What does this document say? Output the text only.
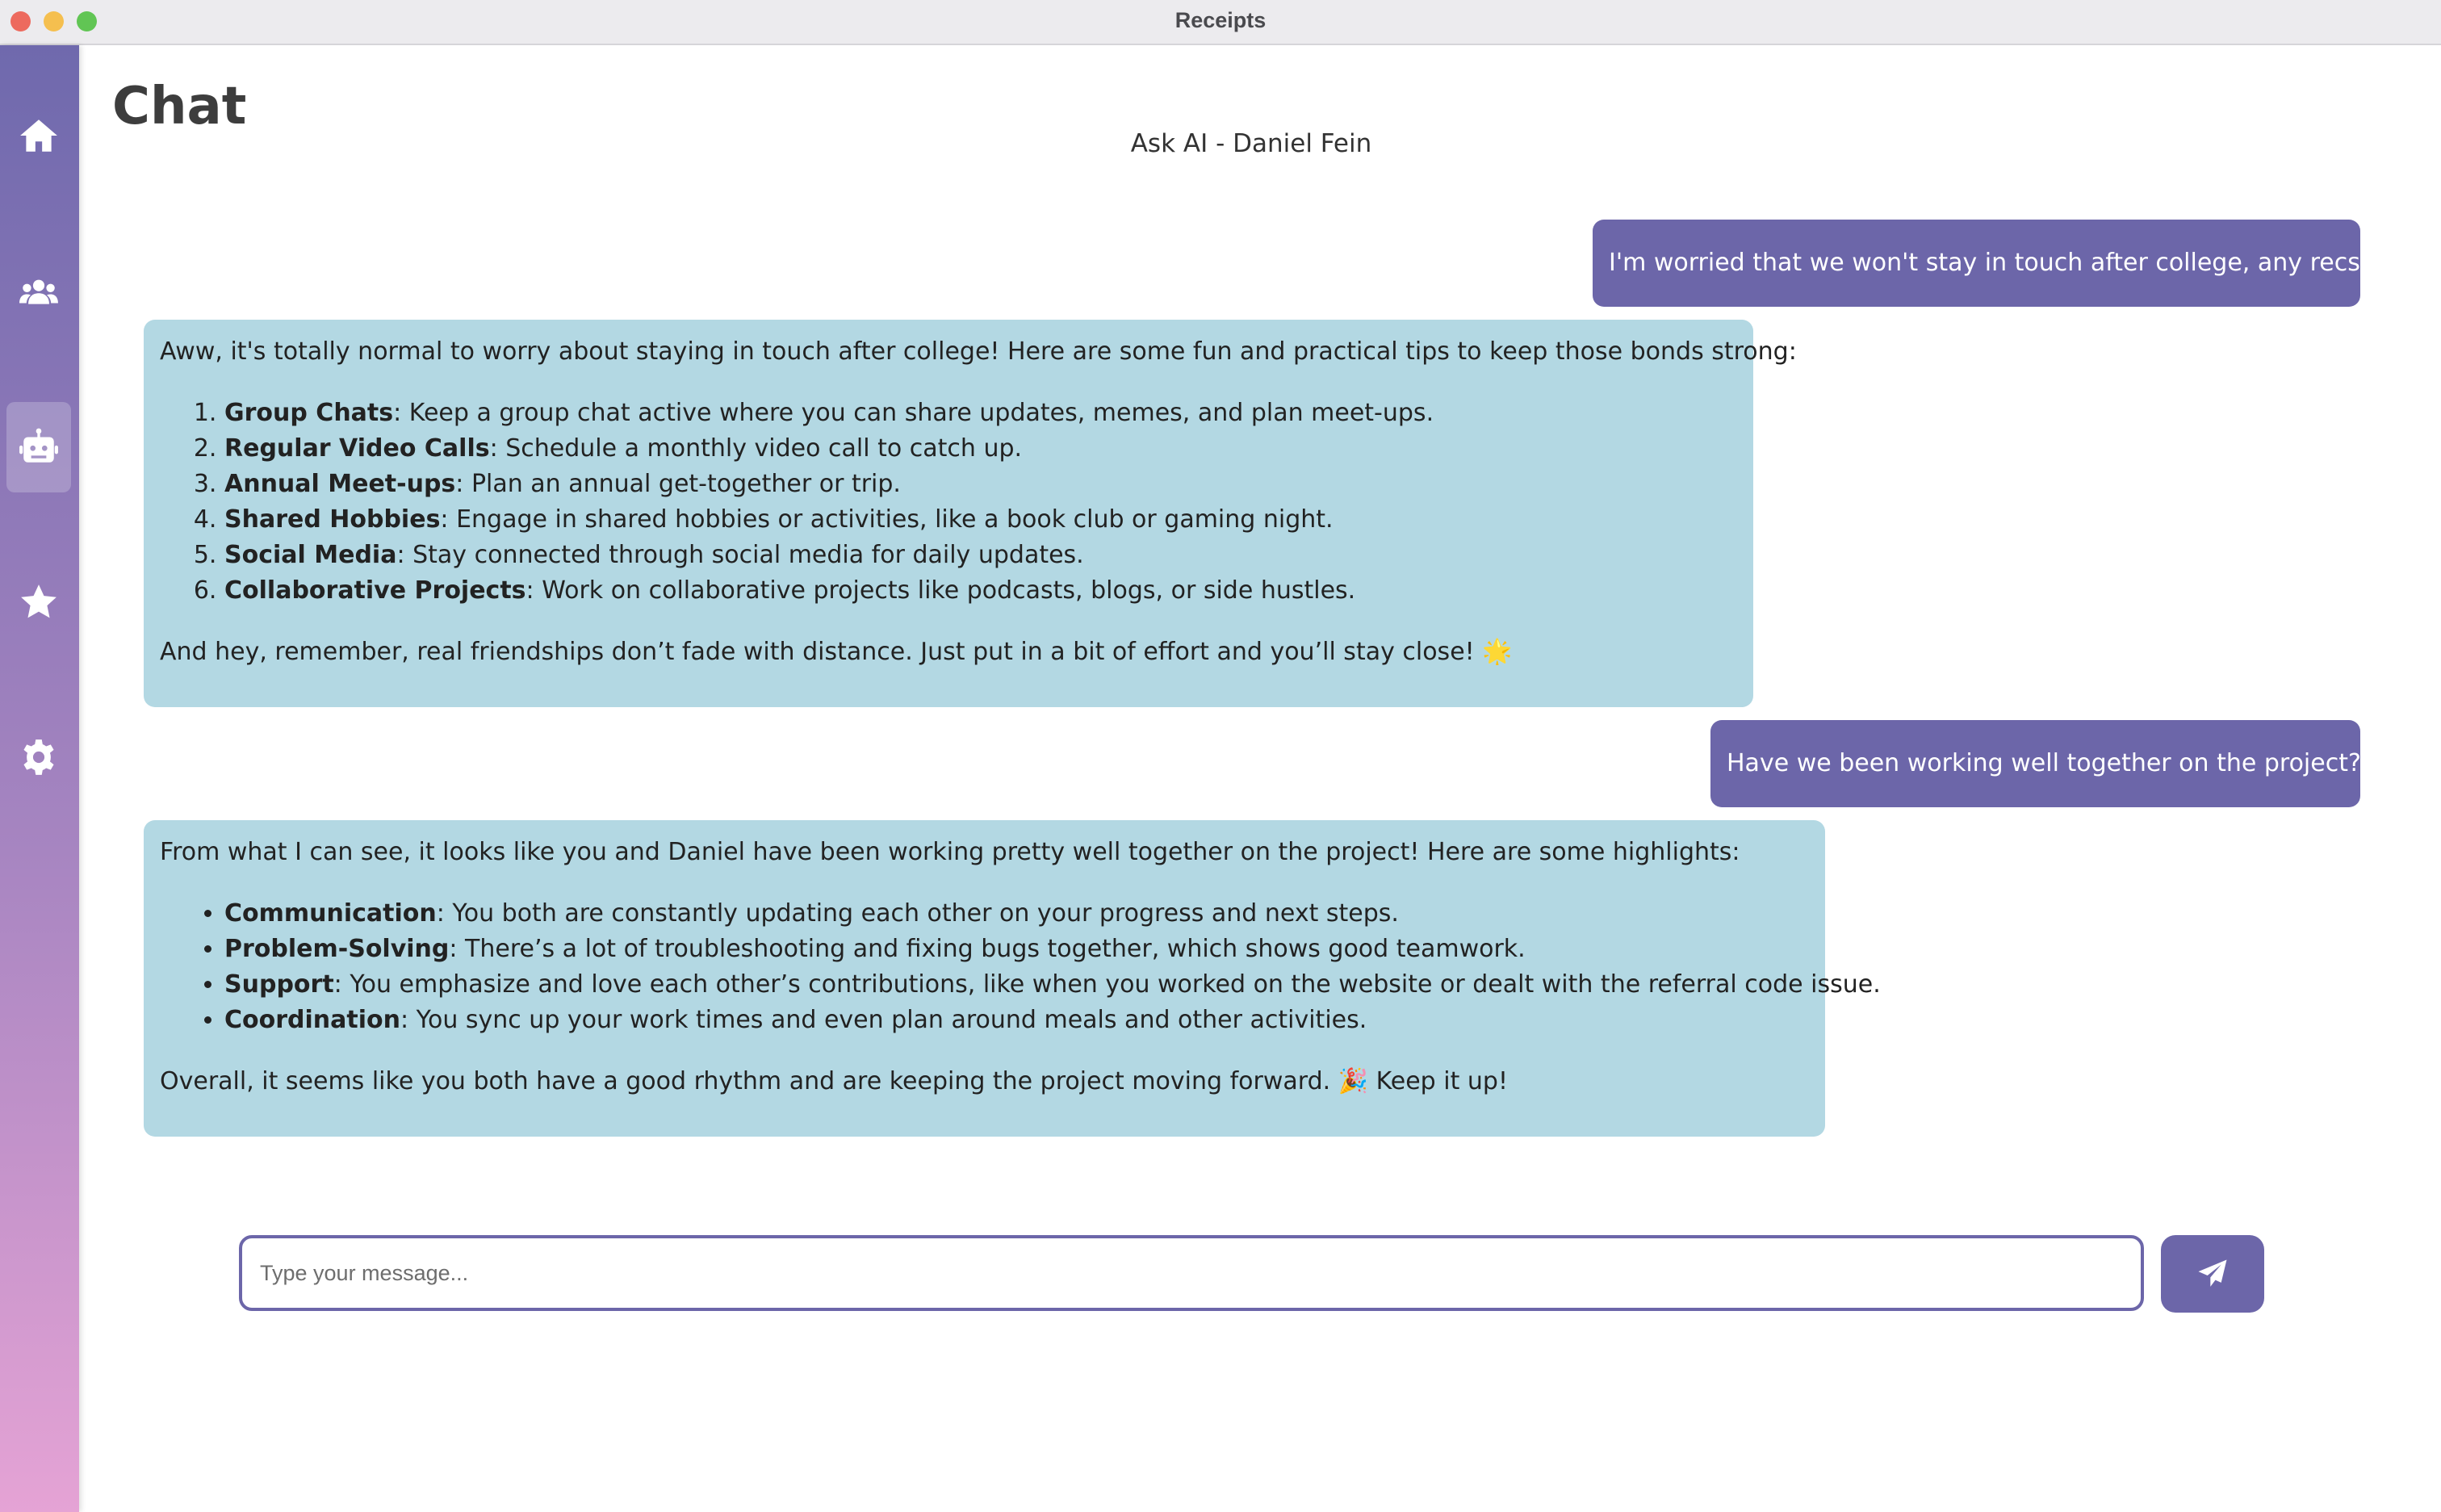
Receipts
Chat

Ask AI - Daniel Fein

I'm worried that we won't stay in touch after college, any recs?

Aww, it's totally normal to worry about staying in touch after college! Here are some fun and practical tips to keep those bonds strong:

1. Group Chats: Keep a group chat active where you can share updates, memes, and plan meet-ups.
2. Regular Video Calls: Schedule a monthly video call to catch up.
3. Annual Meet-ups: Plan an annual get-together or trip.
4. Shared Hobbies: Engage in shared hobbies or activities, like a book club or gaming night.
5. Social Media: Stay connected through social media for daily updates.
6. Collaborative Projects: Work on collaborative projects like podcasts, blogs, or side hustles.

And hey, remember, real friendships don’t fade with distance. Just put in a bit of effort and you’ll stay close! 🌟

Have we been working well together on the project?

From what I can see, it looks like you and Daniel have been working pretty well together on the project! Here are some highlights:

• Communication: You both are constantly updating each other on your progress and next steps.
• Problem-Solving: There’s a lot of troubleshooting and fixing bugs together, which shows good teamwork.
• Support: You emphasize and love each other’s contributions, like when you worked on the website or dealt with the referral code issue.
• Coordination: You sync up your work times and even plan around meals and other activities.

Overall, it seems like you both have a good rhythm and are keeping the project moving forward. 🎉 Keep it up!

Type your message...
